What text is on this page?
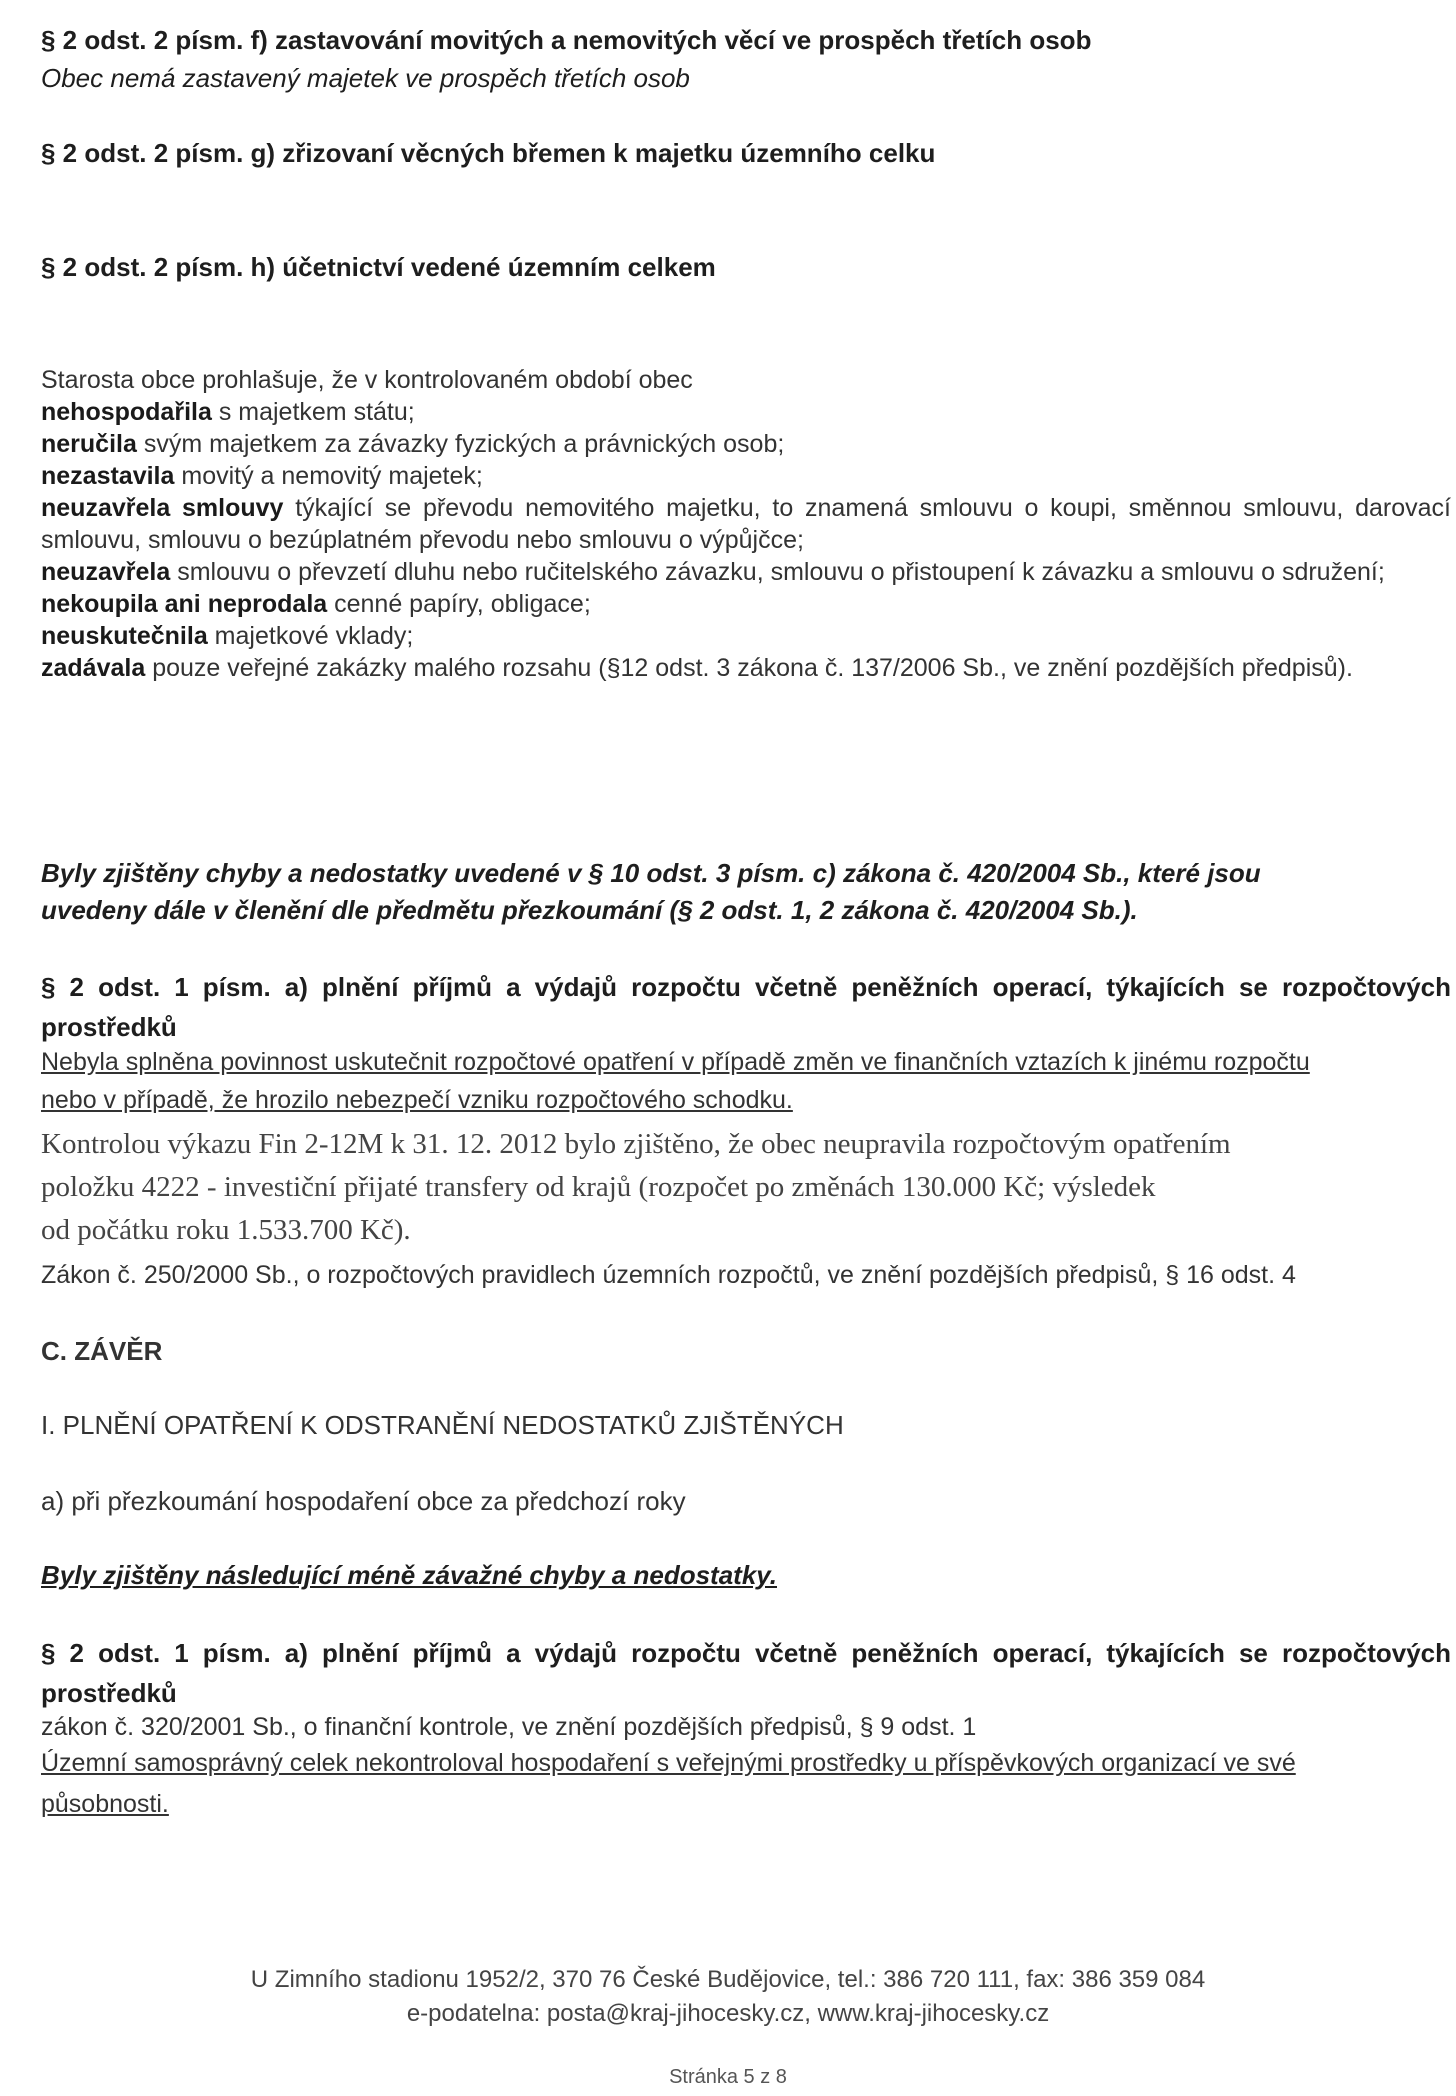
§ 2 odst. 2 písm. f) zastavování movitých a nemovitých věcí ve prospěch třetích osob
Obec nemá zastavený majetek ve prospěch třetích osob
§ 2 odst. 2 písm. g) zřizovaní věcných břemen k majetku územního celku
§ 2 odst. 2 písm. h) účetnictví vedené územním celkem
Starosta obce prohlašuje, že v kontrolovaném období obec
nehospodařila s majetkem státu;
neručila svým majetkem za závazky fyzických a právnických osob;
nezastavila movitý a nemovitý majetek;
neuzavřela smlouvy týkající se převodu nemovitého majetku, to znamená smlouvu o koupi, směnnou smlouvu, darovací smlouvu, smlouvu o bezúplatném převodu nebo smlouvu o výpůjčce;
neuzavřela smlouvu o převzetí dluhu nebo ručitelského závazku, smlouvu o přistoupení k závazku a smlouvu o sdružení;
nekoupila ani neprodala cenné papíry, obligace;
neuskutečnila majetkové vklady;
zadávala pouze veřejné zakázky malého rozsahu (§12 odst. 3 zákona č. 137/2006 Sb., ve znění pozdějších předpisů).
Byly zjištěny chyby a nedostatky uvedené v § 10 odst. 3 písm. c) zákona č. 420/2004 Sb., které jsou
uvedeny dále v členění dle předmětu přezkoumání (§ 2 odst. 1, 2 zákona č. 420/2004 Sb.).
§ 2 odst. 1 písm. a) plnění příjmů a výdajů rozpočtu včetně peněžních operací, týkajících se rozpočtových prostředků
Nebyla splněna povinnost uskutečnit rozpočtové opatření v případě změn ve finančních vztazích k jinému rozpočtu
nebo v případě, že hrozilo nebezpečí vzniku rozpočtového schodku.
Kontrolou výkazu Fin 2-12M k 31. 12. 2012 bylo zjištěno, že obec neupravila rozpočtovým opatřením
položku 4222 - investiční přijaté transfery od krajů (rozpočet po změnách 130.000 Kč; výsledek
od počátku roku 1.533.700 Kč).
Zákon č. 250/2000 Sb., o rozpočtových pravidlech územních rozpočtů, ve znění pozdějších předpisů, § 16 odst. 4
C. ZÁVĚR
I. PLNĚNÍ OPATŘENÍ K ODSTRANĚNÍ NEDOSTATKŮ ZJIŠTĚNÝCH
a) při přezkoumání hospodaření obce za předchozí roky
Byly zjištěny následující méně závažné chyby a nedostatky.
§ 2 odst. 1 písm. a) plnění příjmů a výdajů rozpočtu včetně peněžních operací, týkajících se rozpočtových prostředků
zákon č. 320/2001 Sb., o finanční kontrole, ve znění pozdějších předpisů, § 9 odst. 1
Územní samosprávný celek nekontroloval hospodaření s veřejnými prostředky u příspěvkových organizací ve své
působnosti.
U Zimního stadionu 1952/2, 370 76 České Budějovice, tel.: 386 720 111, fax: 386 359 084
e-podatelna: posta@kraj-jihocesky.cz, www.kraj-jihocesky.cz
Stránka 5 z 8
